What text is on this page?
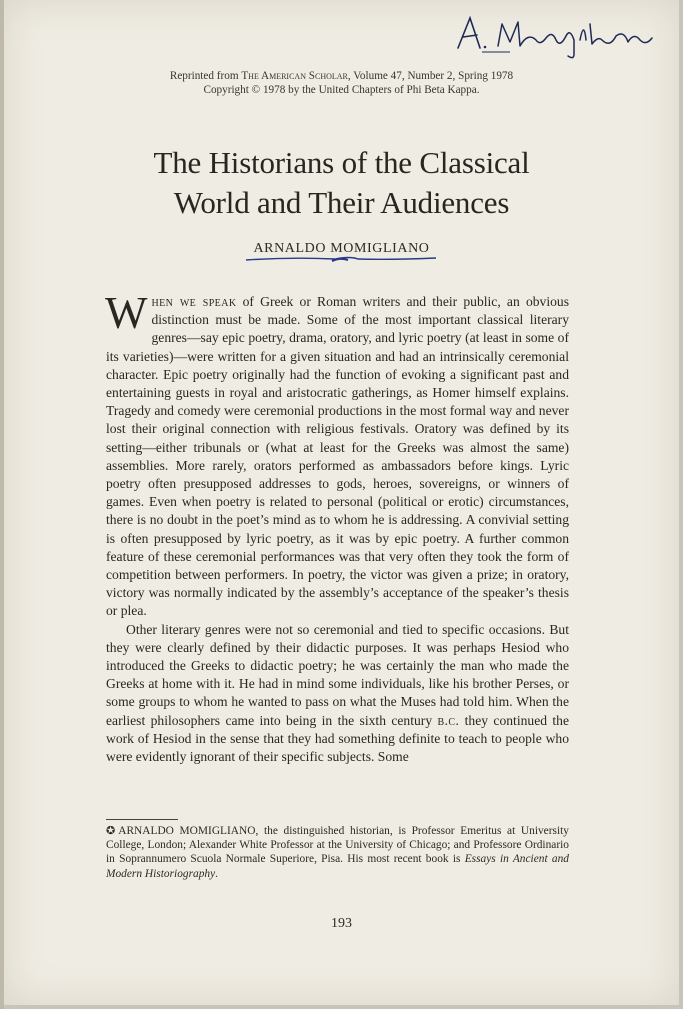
Reprinted from The American Scholar, Volume 47, Number 2, Spring 1978
Copyright © 1978 by the United Chapters of Phi Beta Kappa.
The Historians of the Classical
World and Their Audiences
ARNALDO MOMIGLIANO

When we speak of Greek or Roman writers and their public, an obvious distinction must be made. Some of the most important classical literary genres—say epic poetry, drama, oratory, and lyric poetry (at least in some of its varieties)—were written for a given situation and had an intrinsically ceremonial character. Epic poetry originally had the function of evoking a significant past and entertaining guests in royal and aristocratic gatherings, as Homer himself explains. Tragedy and comedy were ceremonial productions in the most formal way and never lost their original connection with religious festivals. Oratory was defined by its setting—either tribunals or (what at least for the Greeks was almost the same) assemblies. More rarely, orators performed as ambassadors before kings. Lyric poetry often presupposed addresses to gods, heroes, sovereigns, or winners of games. Even when poetry is related to personal (political or erotic) circumstances, there is no doubt in the poet’s mind as to whom he is addressing. A convivial setting is often presupposed by lyric poetry, as it was by epic poetry. A further common feature of these ceremonial performances was that very often they took the form of competition between performers. In poetry, the victor was given a prize; in oratory, victory was normally indicated by the assembly’s acceptance of the speaker’s thesis or plea.

Other literary genres were not so ceremonial and tied to specific occasions. But they were clearly defined by their didactic purposes. It was perhaps Hesiod who introduced the Greeks to didactic poetry; he was certainly the man who made the Greeks at home with it. He had in mind some individuals, like his brother Perses, or some groups to whom he wanted to pass on what the Muses had told him. When the earliest philosophers came into being in the sixth century b.c. they continued the work of Hesiod in the sense that they had something definite to teach to people who were evidently ignorant of their specific subjects. Some

✪ ARNALDO MOMIGLIANO, the distinguished historian, is Professor Emeritus at University College, London; Alexander White Professor at the University of Chicago; and Professore Ordinario in Soprannumero Scuola Normale Superiore, Pisa. His most recent book is Essays in Ancient and Modern Historiography.
193
